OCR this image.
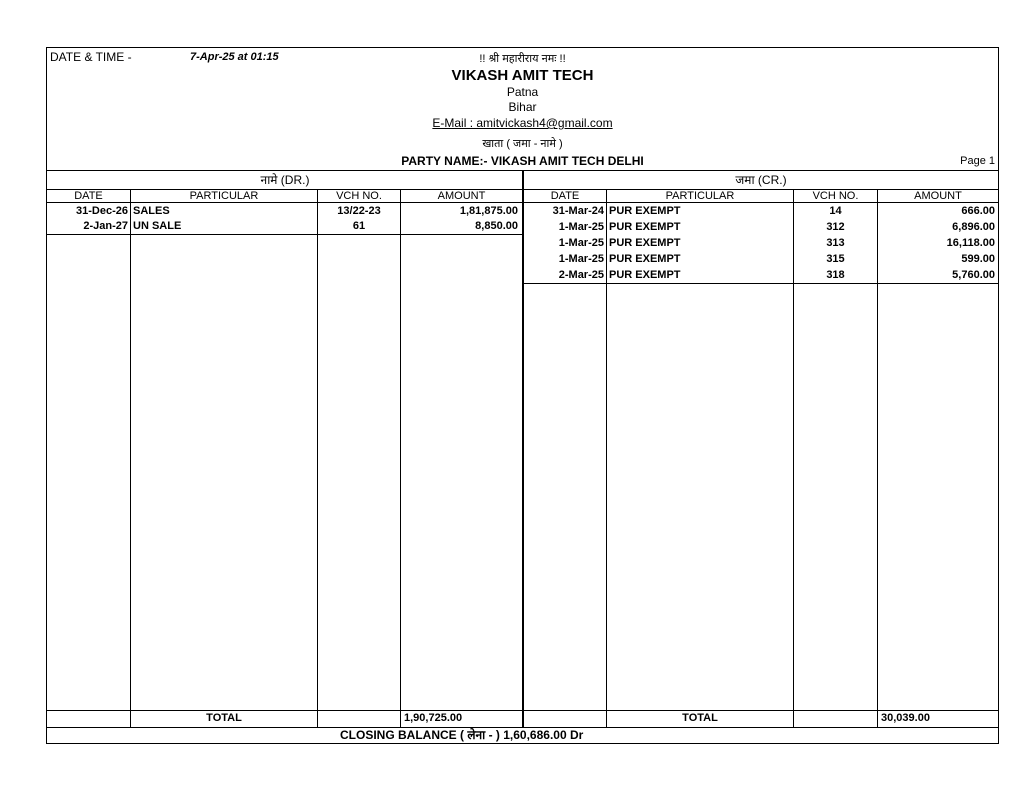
DATE & TIME -	7-Apr-25 at 01:15	!! श्री महारीराय नमः !!
VIKASH AMIT TECH
Patna
Bihar
E-Mail : amitvickash4@gmail.com
खाता ( जमा - नामे )
PARTY NAME:- VIKASH AMIT TECH DELHI	Page 1
नामे (DR.)	जमा (CR.)
DATE	PARTICULAR	VCH NO.	AMOUNT	DATE	PARTICULAR	VCH NO.	AMOUNT
31-Dec-26 SALES	13/22-23	1,81,875.00
2-Jan-27 UN SALE	61	8,850.00
31-Mar-24 PUR EXEMPT	14	666.00
1-Mar-25 PUR EXEMPT	312	6,896.00
1-Mar-25 PUR EXEMPT	313	16,118.00
1-Mar-25 PUR EXEMPT	315	599.00
2-Mar-25 PUR EXEMPT	318	5,760.00
TOTAL	1,90,725.00	TOTAL	30,039.00
CLOSING BALANCE ( लेना - ) 1,60,686.00 Dr
